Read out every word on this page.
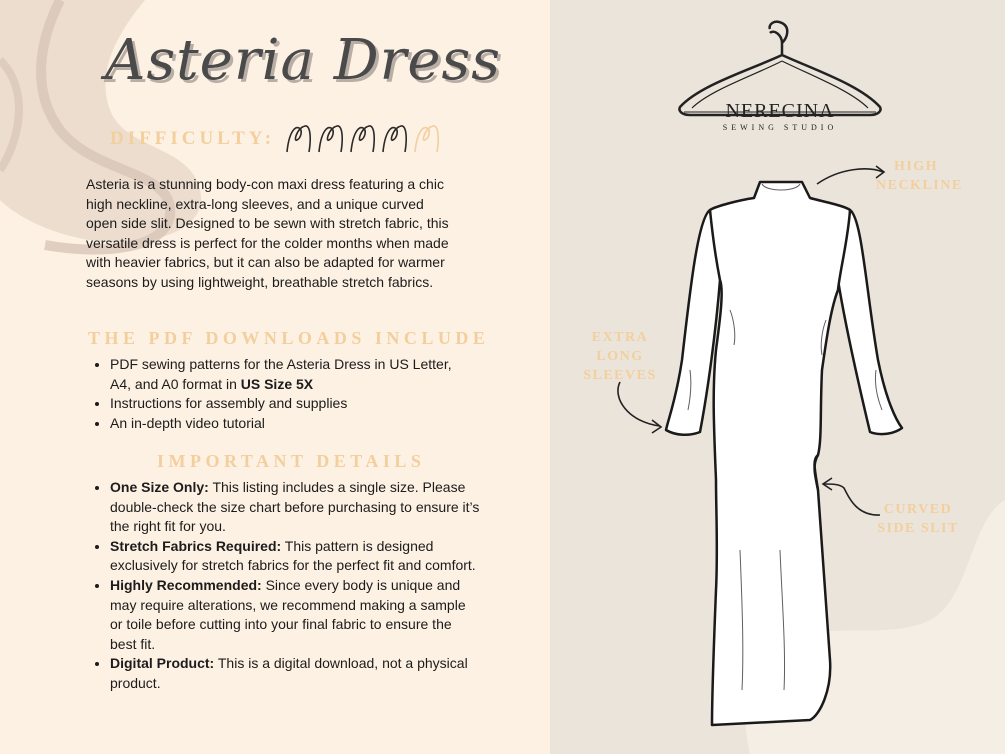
Asteria Dress
DIFFICULTY:
Asteria is a stunning body-con maxi dress featuring a chic high neckline, extra-long sleeves, and a unique curved open side slit. Designed to be sewn with stretch fabric, this versatile dress is perfect for the colder months when made with heavier fabrics, but it can also be adapted for warmer seasons by using lightweight, breathable stretch fabrics.
THE PDF DOWNLOADS INCLUDE
• PDF sewing patterns for the Asteria Dress in US Letter, A4, and A0 format in US Size 5X
• Instructions for assembly and supplies
• An in-depth video tutorial
IMPORTANT DETAILS
• One Size Only: This listing includes a single size. Please double-check the size chart before purchasing to ensure it’s the right fit for you.
• Stretch Fabrics Required: This pattern is designed exclusively for stretch fabrics for the perfect fit and comfort.
• Highly Recommended: Since every body is unique and may require alterations, we recommend making a sample or toile before cutting into your final fabric to ensure the best fit.
• Digital Product: This is a digital download, not a physical product.
NERECINA
SEWING STUDIO
HIGH
NECKLINE
EXTRA
LONG
SLEEVES
CURVED
SIDE SLIT
